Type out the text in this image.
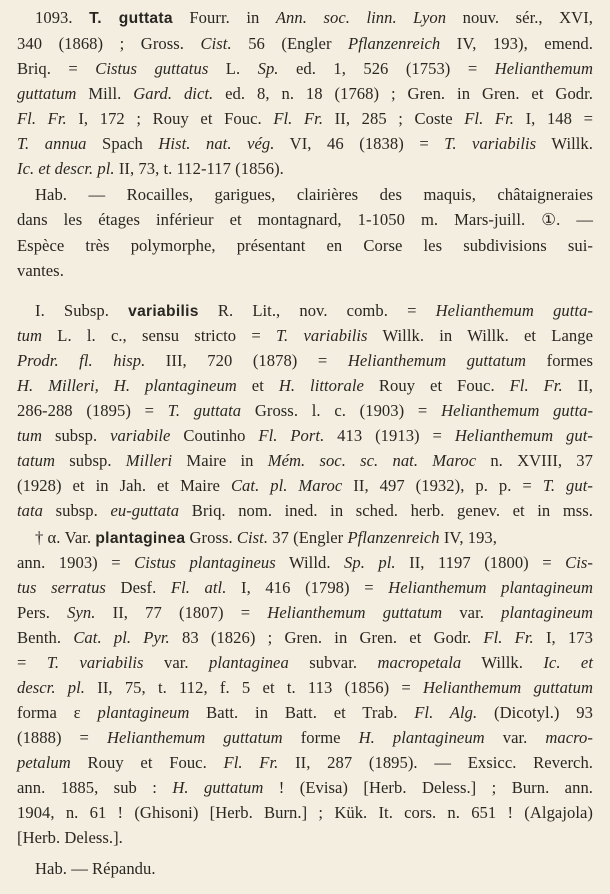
1093. T. guttata Fourr. in Ann. soc. linn. Lyon nouv. sér., XVI,
340 (1868) ; Gross. Cist. 56 (Engler Pflanzenreich IV, 193), emend.
Briq. = Cistus guttatus L. Sp. ed. 1, 526 (1753) = Helianthemum
guttatum Mill. Gard. dict. ed. 8, n. 18 (1768) ; Gren. in Gren. et Godr.
Fl. Fr. I, 172 ; Rouy et Fouc. Fl. Fr. II, 285 ; Coste Fl. Fr. I, 148 =
T. annua Spach Hist. nat. vég. VI, 46 (1838) = T. variabilis Willk.
Ic. et descr. pl. II, 73, t. 112-117 (1856).
Hab. — Rocailles, garigues, clairières des maquis, châtaigneraies
dans les étages inférieur et montagnard, 1-1050 m. Mars-juill. ①. —
Espèce très polymorphe, présentant en Corse les subdivisions sui-
vantes.
I. Subsp. variabilis R. Lit., nov. comb. = Helianthemum gutta-
tum L. l. c., sensu stricto = T. variabilis Willk. in Willk. et Lange
Prodr. fl. hisp. III, 720 (1878) = Helianthemum guttatum formes
H. Milleri, H. plantagineum et H. littorale Rouy et Fouc. Fl. Fr. II,
286-288 (1895) = T. guttata Gross. l. c. (1903) = Helianthemum gutta-
tum subsp. variabile Coutinho Fl. Port. 413 (1913) = Helianthemum gut-
tatum subsp. Milleri Maire in Mém. soc. sc. nat. Maroc n. XVIII, 37
(1928) et in Jah. et Maire Cat. pl. Maroc II, 497 (1932), p. p. = T. gut-
tata subsp. eu-guttata Briq. nom. ined. in sched. herb. genev. et in mss.
† α. Var. plantaginea Gross. Cist. 37 (Engler Pflanzenreich IV, 193,
ann. 1903) = Cistus plantagineus Willd. Sp. pl. II, 1197 (1800) = Cis-
tus serratus Desf. Fl. atl. I, 416 (1798) = Helianthemum plantagineum
Pers. Syn. II, 77 (1807) = Helianthemum guttatum var. plantagineum
Benth. Cat. pl. Pyr. 83 (1826) ; Gren. in Gren. et Godr. Fl. Fr. I, 173
= T. variabilis var. plantaginea subvar. macropetala Willk. Ic. et
descr. pl. II, 75, t. 112, f. 5 et t. 113 (1856) = Helianthemum guttatum
forma ε plantagineum Batt. in Batt. et Trab. Fl. Alg. (Dicotyl.) 93
(1888) = Helianthemum guttatum forme H. plantagineum var. macro-
petalum Rouy et Fouc. Fl. Fr. II, 287 (1895). — Exsicc. Reverch.
ann. 1885, sub : H. guttatum ! (Evisa) [Herb. Deless.] ; Burn. ann.
1904, n. 61 ! (Ghisoni) [Herb. Burn.] ; Kük. It. cors. n. 651 ! (Algajola)
[Herb. Deless.].
Hab. — Répandu.
